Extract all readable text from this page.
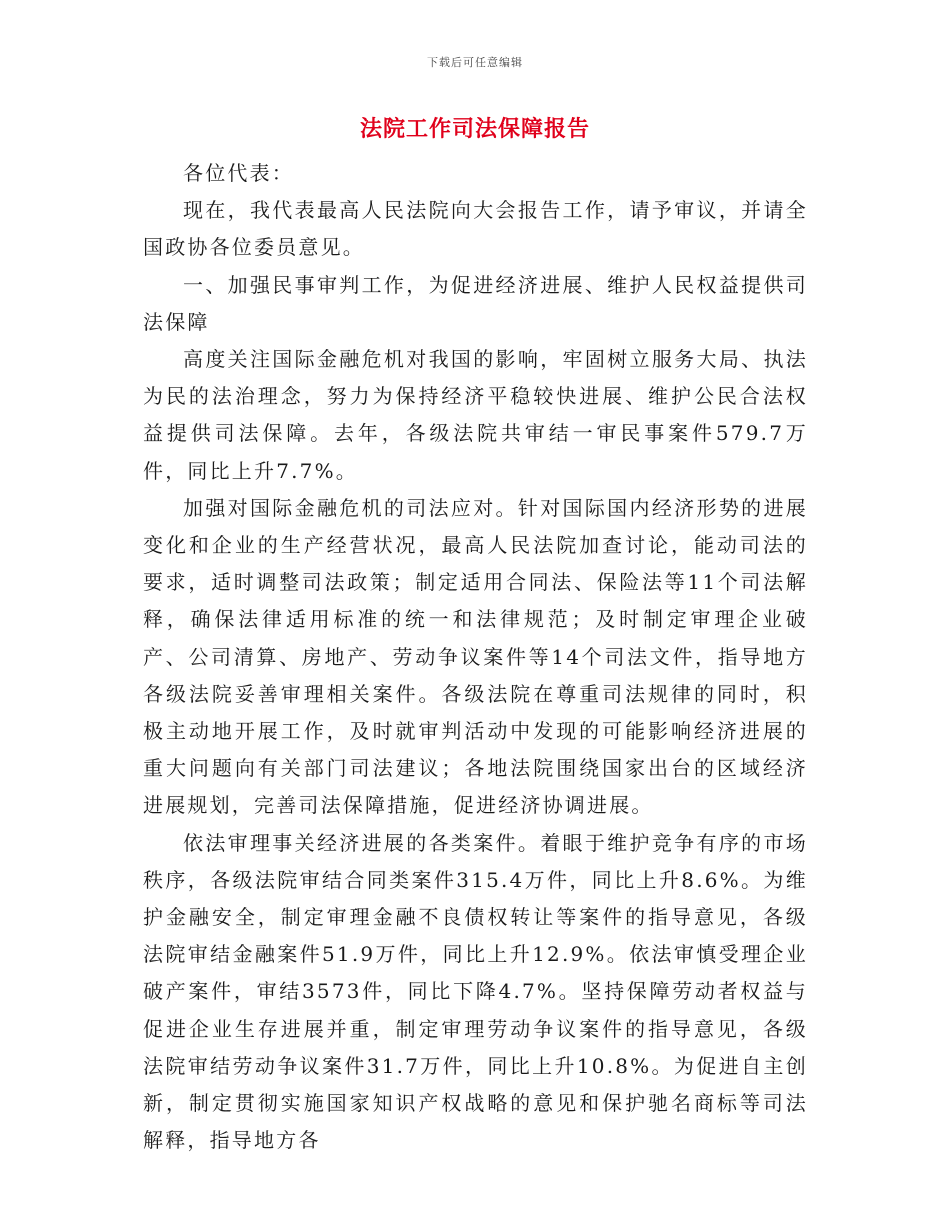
下载后可任意编辑
法院工作司法保障报告

各位代表：

现在，我代表最高人民法院向大会报告工作，请予审议，并请全国政协各位委员意见。

一、加强民事审判工作，为促进经济进展、维护人民权益提供司法保障

高度关注国际金融危机对我国的影响，牢固树立服务大局、执法为民的法治理念，努力为保持经济平稳较快进展、维护公民合法权益提供司法保障。去年，各级法院共审结一审民事案件579.7万件，同比上升7.7%。

加强对国际金融危机的司法应对。针对国际国内经济形势的进展变化和企业的生产经营状况，最高人民法院加查讨论，能动司法的要求，适时调整司法政策；制定适用合同法、保险法等11个司法解释，确保法律适用标准的统一和法律规范；及时制定审理企业破产、公司清算、房地产、劳动争议案件等14个司法文件，指导地方各级法院妥善审理相关案件。各级法院在尊重司法规律的同时，积极主动地开展工作，及时就审判活动中发现的可能影响经济进展的重大问题向有关部门司法建议；各地法院围绕国家出台的区域经济进展规划，完善司法保障措施，促进经济协调进展。

依法审理事关经济进展的各类案件。着眼于维护竞争有序的市场秩序，各级法院审结合同类案件315.4万件，同比上升8.6%。为维护金融安全，制定审理金融不良债权转让等案件的指导意见，各级法院审结金融案件51.9万件，同比上升12.9%。依法审慎受理企业破产案件，审结3573件，同比下降4.7%。坚持保障劳动者权益与促进企业生存进展并重，制定审理劳动争议案件的指导意见，各级法院审结劳动争议案件31.7万件，同比上升10.8%。为促进自主创新，制定贯彻实施国家知识产权战略的意见和保护驰名商标等司法解释，指导地方各
